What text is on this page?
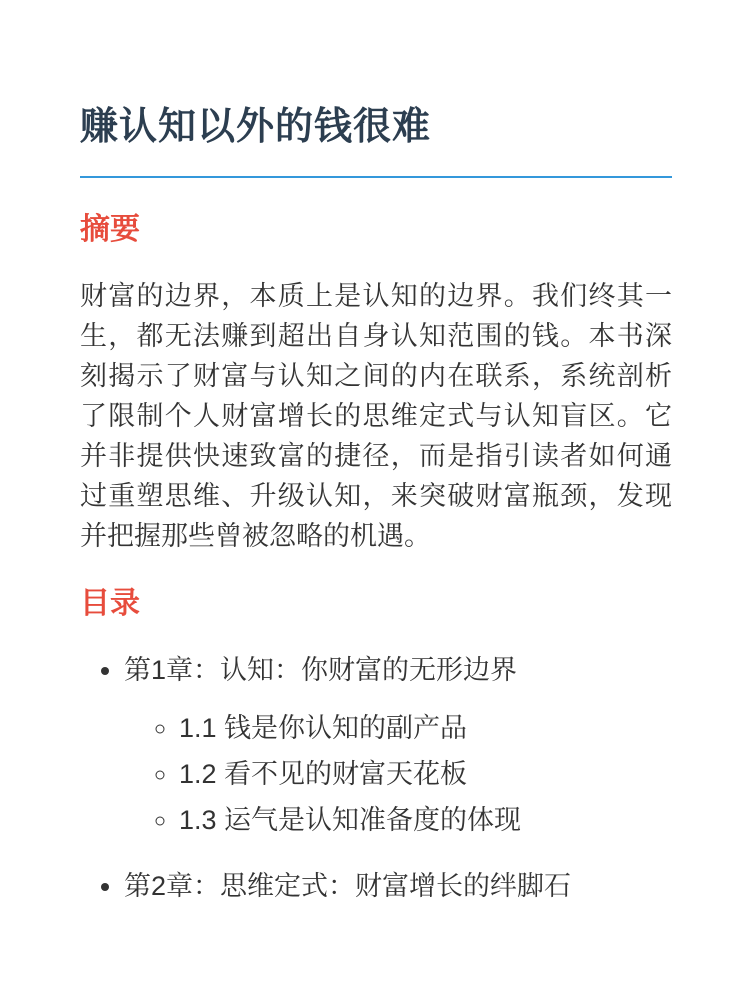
赚认知以外的钱很难
摘要

财富的边界，本质上是认知的边界。我们终其一生，都无法赚到超出自身认知范围的钱。本书深刻揭示了财富与认知之间的内在联系，系统剖析了限制个人财富增长的思维定式与认知盲区。它并非提供快速致富的捷径，而是指引读者如何通过重塑思维、升级认知，来突破财富瓶颈，发现并把握那些曾被忽略的机遇。

目录
• 第1章：认知：你财富的无形边界
◦ 1.1 钱是你认知的副产品
◦ 1.2 看不见的财富天花板
◦ 1.3 运气是认知准备度的体现
• 第2章：思维定式：财富增长的绊脚石
